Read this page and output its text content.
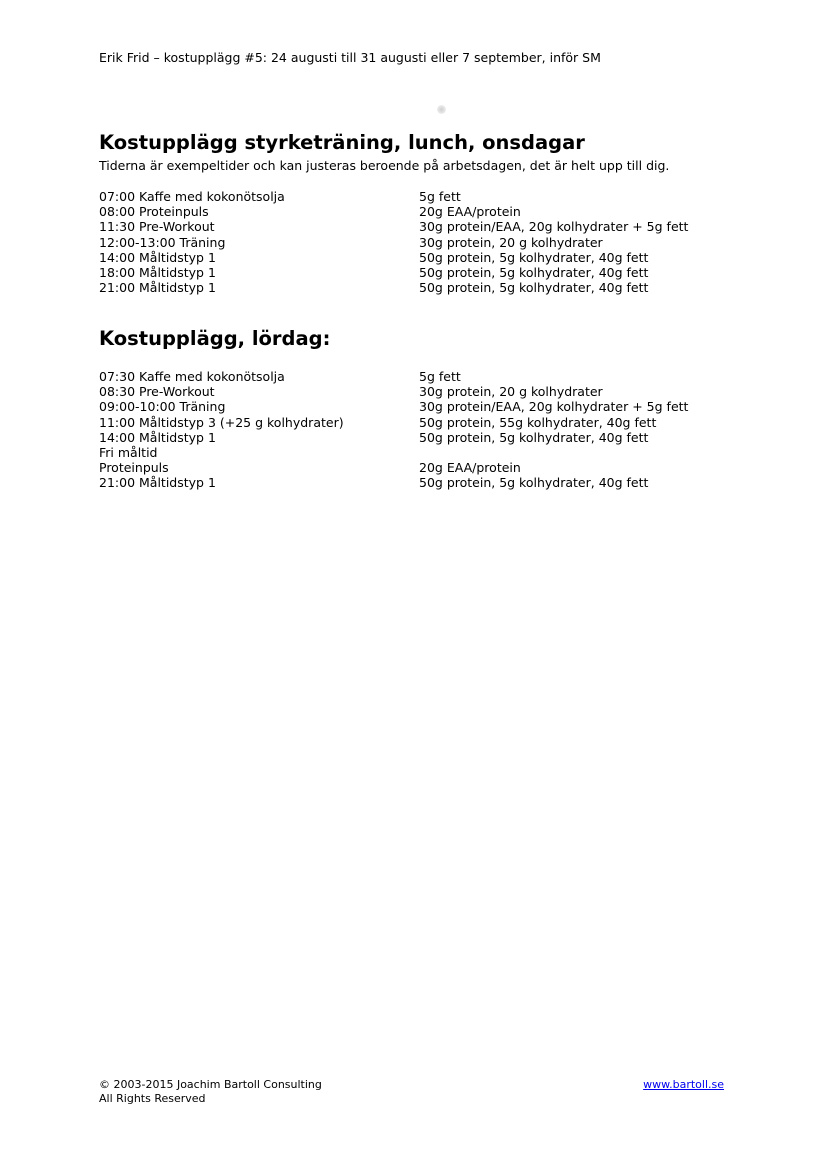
Erik Frid – kostupplägg #5: 24 augusti till 31 augusti eller 7 september, inför SM
Kostupplägg styrketräning, lunch, onsdagar
Tiderna är exempeltider och kan justeras beroende på arbetsdagen, det är helt upp till dig.
07:00 Kaffe med kokonötsolja	5g fett
08:00 Proteinpuls	20g EAA/protein
11:30 Pre-Workout	30g protein/EAA, 20g kolhydrater + 5g fett
12:00-13:00 Träning	30g protein, 20 g kolhydrater
14:00 Måltidstyp 1	50g protein, 5g kolhydrater, 40g fett
18:00 Måltidstyp 1	50g protein, 5g kolhydrater, 40g fett
21:00 Måltidstyp 1	50g protein, 5g kolhydrater, 40g fett
Kostupplägg, lördag:
07:30 Kaffe med kokonötsolja	5g fett
08:30 Pre-Workout	30g protein, 20 g kolhydrater
09:00-10:00 Träning	30g protein/EAA, 20g kolhydrater + 5g fett
11:00 Måltidstyp 3 (+25 g kolhydrater)	50g protein, 55g kolhydrater, 40g fett
14:00 Måltidstyp 1	50g protein, 5g kolhydrater, 40g fett
Fri måltid
Proteinpuls	20g EAA/protein
21:00 Måltidstyp 1	50g protein, 5g kolhydrater, 40g fett
© 2003-2015 Joachim Bartoll Consulting
All Rights Reserved
www.bartoll.se
